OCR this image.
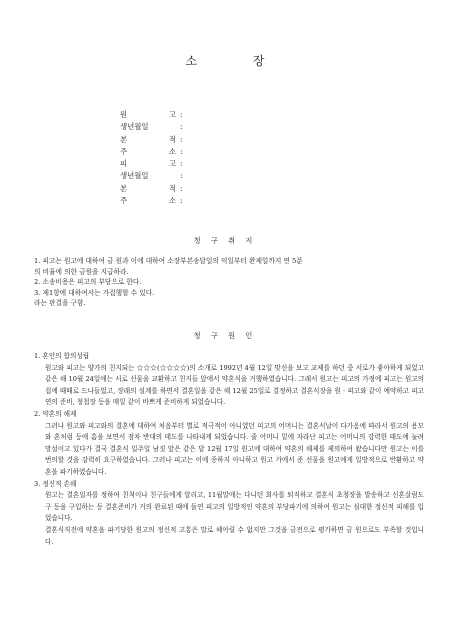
소 장
원 고 :
생년월일	:
본 적 :
주 소 :
피 고 :
생년월일	:
본 적 :
주 소 :
청 구 취 지

1. 피고는 원고에 대하여 금 원과 이에 대하여 소장부본송달일의 익일부터 완제일까지 연 5푼

의 비율에 의한 금원을 지급하라.

2. 소송비용은 피고의 부담으로 한다.

3. 제1항에 대하여서는 가집행할 수 있다.

라는 판결을 구함.

청 구 원 인

1. 혼인의 합의성립

원고와 피고는 양가의 친지되는 ☆☆☆(☆☆☆☆)의 소개로 1992년 4월 12일 맞선을 보고 교제를 하던 중 서로가 좋아하게 되었고 같은 해 10월 24일에는 서로 선물을 교환하고 친지들 앞에서 약혼식을 거행하였습니다. 그래서 원고는 피고의 가정에 피고는 원고의 집에 때때로 드나들었고, 장래의 설계를 하면서 결혼일을 같은 해 12월 25일로 결정하고 결혼식장을 원 · 피고와 같이 예약하고 피고연의 준비, 청첩장 등을 매일 같이 바쁘게 준비하게 되었습니다.

2. 약혼의 해제

그러나 원고와 피고와의 결혼에 대하여 처음부터 별로 적극적이 아니였던 피고의 어머니는 결혼식날이 다가옴에 따라서 원고의 용모와 혼처럼 등에 흠을 보면서 점차 반대의 태도를 나타내게 되었습니다. 줄 어머니 밑에 자라난 피고는 어머니의 강력한 태도에 눌려 망설이고 있다가 결국 결혼식 일주일 남짓 앞은 같은 달 12월 17일 원고에 대하여 약혼의 해제를 제의하여 왔습니다만 원고는 이를 번의할 것을 강력히 요구하였습니다. 그러나 피고는 이에 종하지 아니하고 원고 가에서 준 선물을 원고에게 일방적으로 반환하고 약혼을 파기하였습니다.

3. 정신적 손해

원고는 결혼일자를 정하여 친척이나 친구들에게 알리고, 11월말에는 다니던 회사를 퇴직하고 결혼식 초청장을 발송하고 신혼살림도구 등을 구입하는 등 결혼준비가 거의 완료된 때에 돌연 피고의 일방적인 약혼의 부당파기에 의하여 원고는 심대한 정신적 피해를 입었습니다.

결혼식직전에 약혼을 파기당한 원고의 정신적 고통은 말로 헤아릴 수 없지만 그것을 금전으로 평가하면 금 원으로도 부족할 것입니다.
